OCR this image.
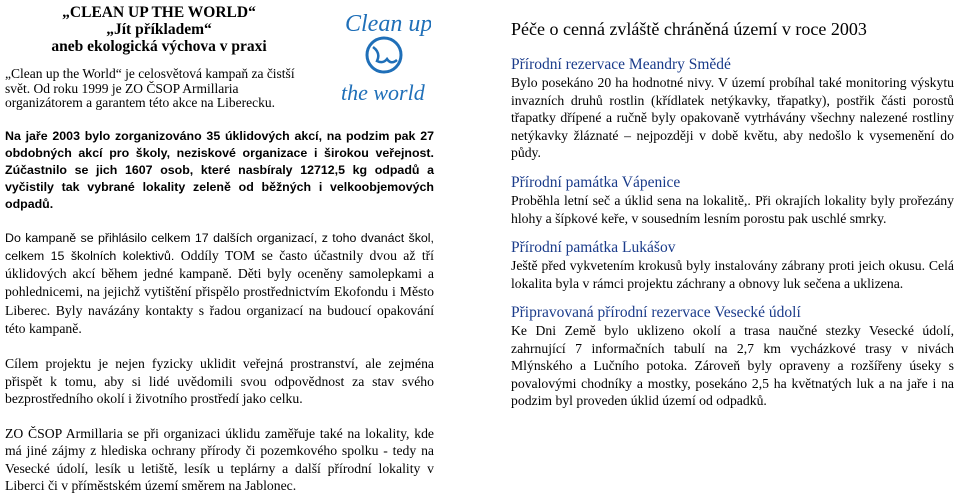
„CLEAN UP THE WORLD“
„Jít příkladem“
aneb ekologická výchova v praxi
„Clean up the World“ je celosvětová kampaň za čistší svět. Od roku 1999 je ZO ČSOP Armillaria organizátorem a garantem této akce na Liberecku.
Na jaře 2003 bylo zorganizováno 35 úklidových akcí, na podzim pak 27 obdobných akcí pro školy, neziskové organizace i širokou veřejnost. Zúčastnilo se jich 1607 osob, které nasbíraly 12712,5 kg odpadů a vyčistily tak vybrané lokality zeleně od běžných i velkoobjemových odpadů.
Do kampaně se přihlásilo celkem 17 dalších organizací, z toho dvanáct škol, celkem 15 školních kolektivů. Oddíly TOM se často účastnily dvou až tří úklidových akcí během jedné kampaně. Děti byly oceněny samolepkami a pohlednicemi, na jejichž vytištění přispělo prostřednictvím Ekofondu i Město Liberec. Byly navázány kontakty s řadou organizací na budoucí opakování této kampaně.
Cílem projektu je nejen fyzicky uklidit veřejná prostranství, ale zejména přispět k tomu, aby si lidé uvědomili svou odpovědnost za stav svého bezprostředního okolí i životního prostředí jako celku.
ZO ČSOP Armillaria se při organizaci úklidu zaměřuje také na lokality, kde má jiné zájmy z hlediska ochrany přírody či pozemkového spolku - tedy na Vesecké údolí, lesík u letiště, lesík u teplárny a další přírodní lokality v Liberci či v příměstském území směrem na Jablonec.
Clean up
the world
Péče o cenná zvláště chráněná území v roce 2003
Přírodní rezervace Meandry Smědé
Bylo posekáno 20 ha hodnotné nivy. V území probíhal také monitoring výskytu invazních druhů rostlin (křídlatek netýkavky, třapatky), postřik části porostů třapatky dřípené a ručně byly opakovaně vytrhávány všechny nalezené rostliny netýkavky žláznaté – nejpozději v době květu, aby nedošlo k vysemenění do půdy.
Přírodní památka Vápenice
Proběhla letní seč a úklid sena na lokalitě,. Při okrajích lokality byly prořezány hlohy a šípkové keře, v sousedním lesním porostu pak uschlé smrky.
Přírodní památka Lukášov
Ještě před vykvetením krokusů byly instalovány zábrany proti jeich okusu. Celá lokalita byla v rámci projektu záchrany a obnovy luk sečena a uklizena.
Připravovaná přírodní rezervace Vesecké údolí
Ke Dni Země bylo uklizeno okolí a trasa naučné stezky Vesecké údolí, zahrnující 7 informačních tabulí na 2,7 km vycházkové trasy v nivách Mlýnského a Lučního potoka. Zároveň byly opraveny a rozšířeny úseky s povalovými chodníky a mostky, posekáno 2,5 ha květnatých luk a na jaře i na podzim byl proveden úklid území od odpadků.
